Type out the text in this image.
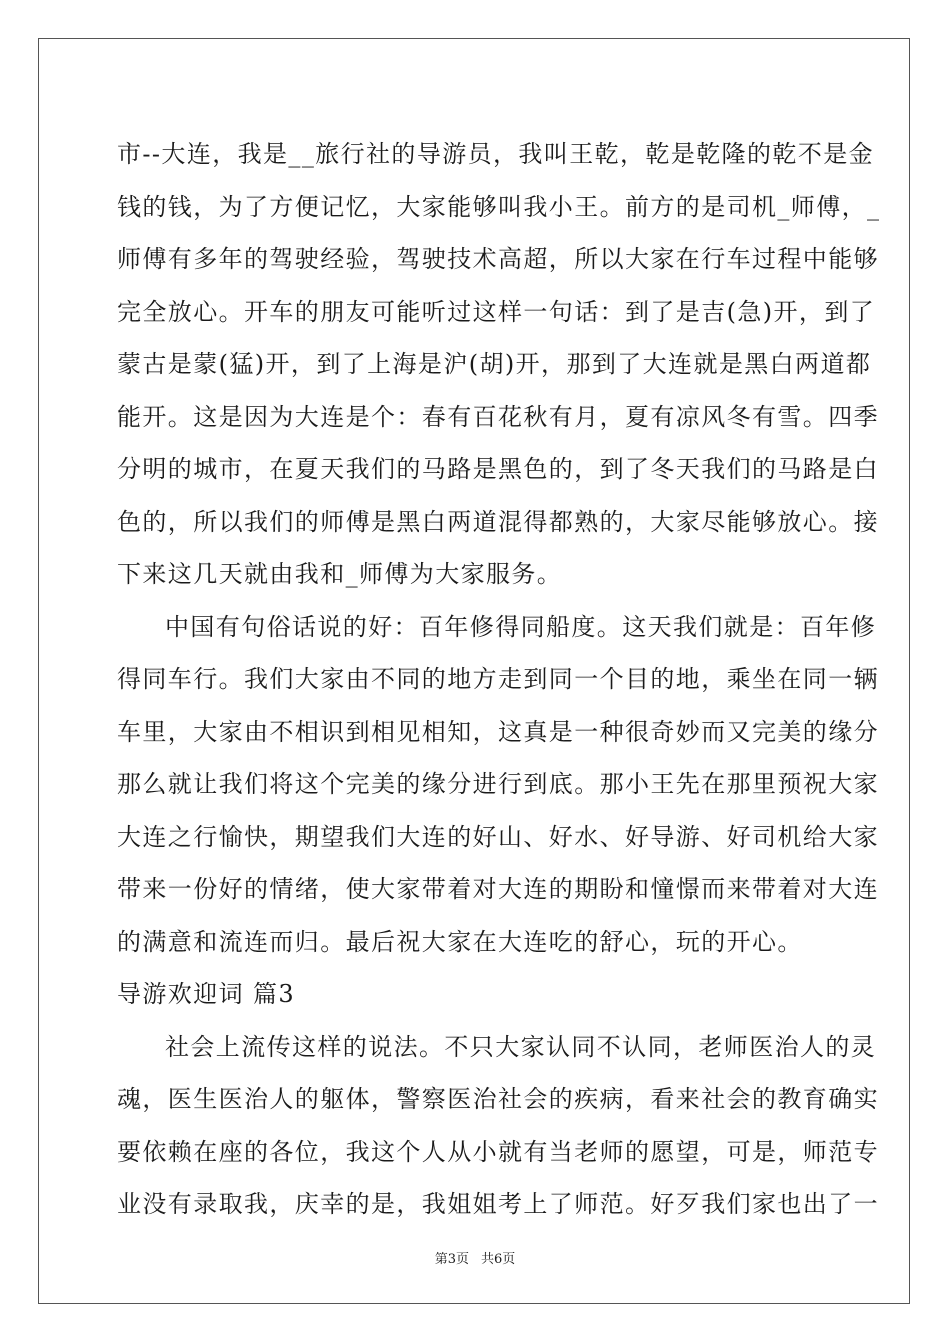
市--大连，我是__旅行社的导游员，我叫王乾，乾是乾隆的乾不是金
钱的钱，为了方便记忆，大家能够叫我小王。前方的是司机_师傅，_
师傅有多年的驾驶经验，驾驶技术高超，所以大家在行车过程中能够
完全放心。开车的朋友可能听过这样一句话：到了是吉(急)开，到了
蒙古是蒙(猛)开，到了上海是沪(胡)开，那到了大连就是黑白两道都
能开。这是因为大连是个：春有百花秋有月，夏有凉风冬有雪。四季
分明的城市，在夏天我们的马路是黑色的，到了冬天我们的马路是白
色的，所以我们的师傅是黑白两道混得都熟的，大家尽能够放心。接
下来这几天就由我和_师傅为大家服务。
中国有句俗话说的好：百年修得同船度。这天我们就是：百年修
得同车行。我们大家由不同的地方走到同一个目的地，乘坐在同一辆
车里，大家由不相识到相见相知，这真是一种很奇妙而又完美的缘分
那么就让我们将这个完美的缘分进行到底。那小王先在那里预祝大家
大连之行愉快，期望我们大连的好山、好水、好导游、好司机给大家
带来一份好的情绪，使大家带着对大连的期盼和憧憬而来带着对大连
的满意和流连而归。最后祝大家在大连吃的舒心，玩的开心。
导游欢迎词 篇3
社会上流传这样的说法。不只大家认同不认同，老师医治人的灵
魂，医生医治人的躯体，警察医治社会的疾病，看来社会的教育确实
要依赖在座的各位，我这个人从小就有当老师的愿望，可是，师范专
业没有录取我，庆幸的是，我姐姐考上了师范。好歹我们家也出了一
第3页 共6页
